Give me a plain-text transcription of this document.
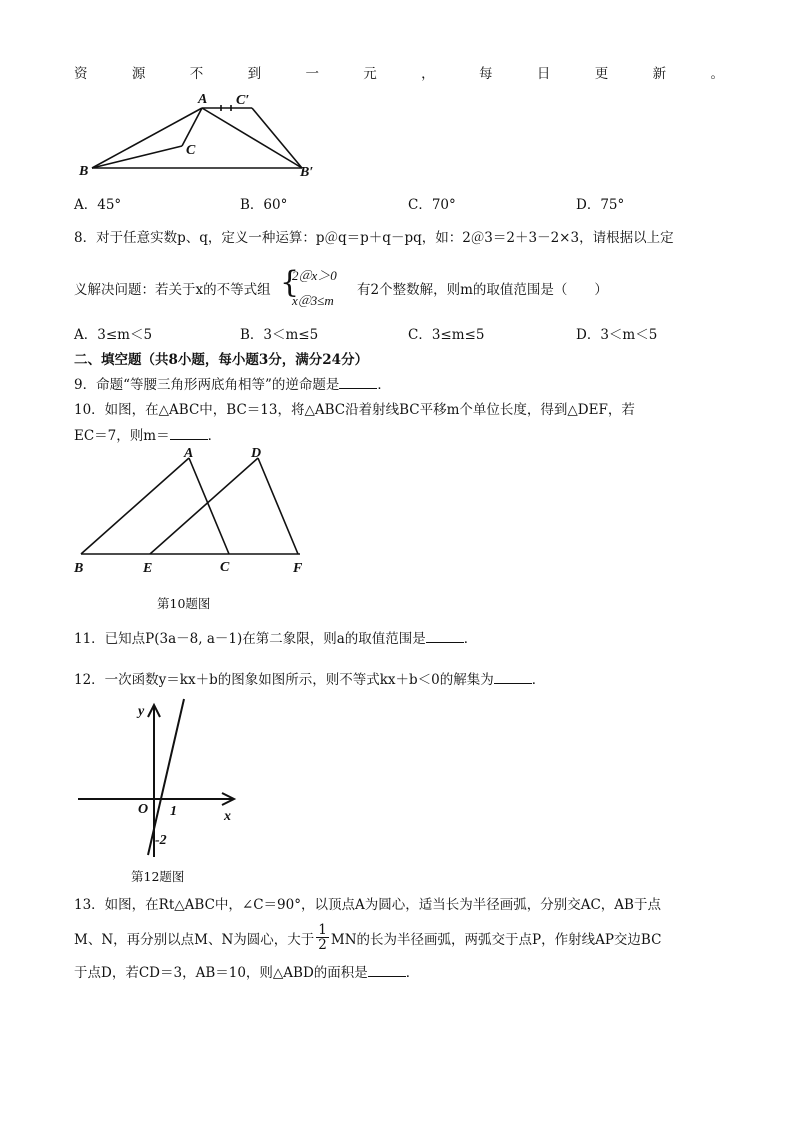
资	源	不	到	一	元	，	每	日	更	新	。
A C′
C
B	B′
A．45°	B．60°	C．70°	D．75°
8．对于任意实数p、q，定义一种运算：p＠q＝p＋q－pq，如：2＠3＝2＋3－2×3，请根据以上定
义解决问题：若关于x的不等式组 {
2＠x＞0
x＠3≤m
有2个整数解，则m的取值范围是（　　）
A．3≤m＜5	B．3＜m≤5	C．3≤m≤5	D．3＜m＜5
二、填空题（共8小题，每小题3分，满分24分）
9．命题“等腰三角形两底角相等”的逆命题是	．
10．如图，在△ABC中，BC＝13，将△ABC沿着射线BC平移m个单位长度，得到△DEF，若
EC＝7，则m＝	．
A	D
B	E	C	F
第10题图
11．已知点P(3a－8, a－1)在第二象限，则a的取值范围是	．
12．一次函数y＝kx＋b的图象如图所示，则不等式kx＋b＜0的解集为	．
y
x
O 1
-2
第12题图
13．如图，在Rt△ABC中，∠C＝90°，以顶点A为圆心，适当长为半径画弧，分别交AC，AB于点
M、N，再分别以点M、N为圆心，大于 $\frac{1}{2}$ MN的长为半径画弧，两弧交于点P，作射线AP交边BC
于点D，若CD＝3，AB＝10，则△ABD的面积是	．
